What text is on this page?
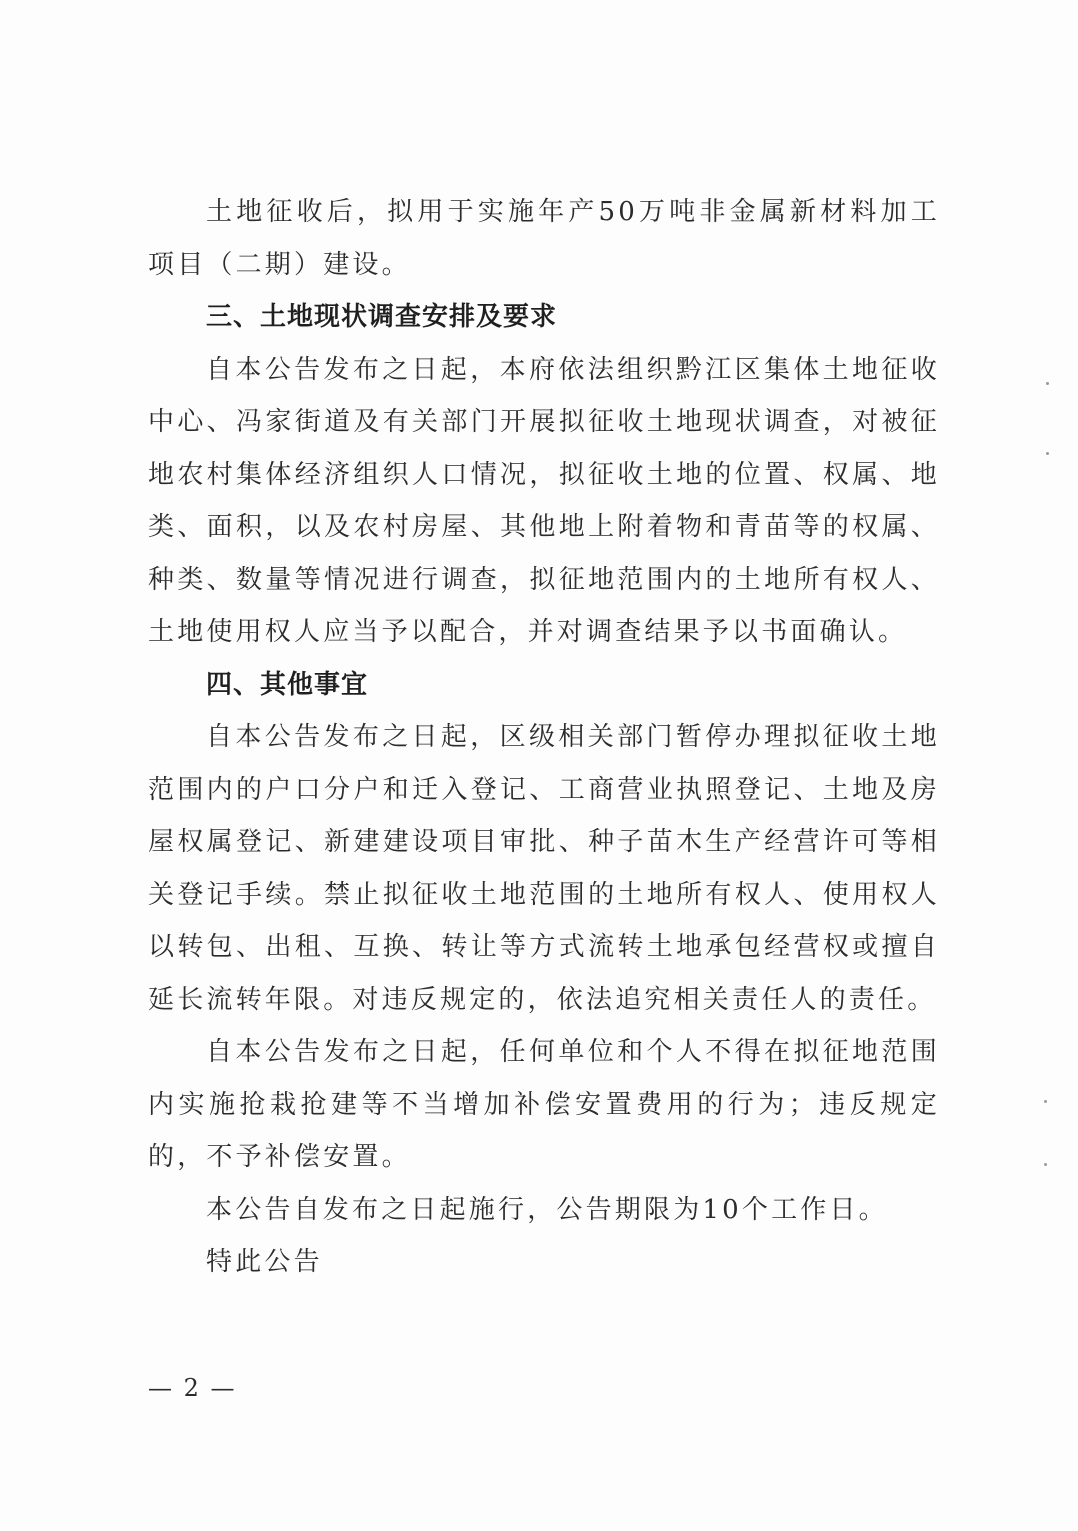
土地征收后，拟用于实施年产50万吨非金属新材料加工项目（二期）建设。

三、土地现状调查安排及要求

自本公告发布之日起，本府依法组织黔江区集体土地征收中心、冯家街道及有关部门开展拟征收土地现状调查，对被征地农村集体经济组织人口情况，拟征收土地的位置、权属、地类、面积，以及农村房屋、其他地上附着物和青苗等的权属、种类、数量等情况进行调查，拟征地范围内的土地所有权人、土地使用权人应当予以配合，并对调查结果予以书面确认。

四、其他事宜

自本公告发布之日起，区级相关部门暂停办理拟征收土地范围内的户口分户和迁入登记、工商营业执照登记、土地及房屋权属登记、新建建设项目审批、种子苗木生产经营许可等相关登记手续。禁止拟征收土地范围的土地所有权人、使用权人以转包、出租、互换、转让等方式流转土地承包经营权或擅自延长流转年限。对违反规定的，依法追究相关责任人的责任。

自本公告发布之日起，任何单位和个人不得在拟征地范围内实施抢栽抢建等不当增加补偿安置费用的行为；违反规定的，不予补偿安置。

本公告自发布之日起施行，公告期限为10个工作日。

特此公告

— 2 —
